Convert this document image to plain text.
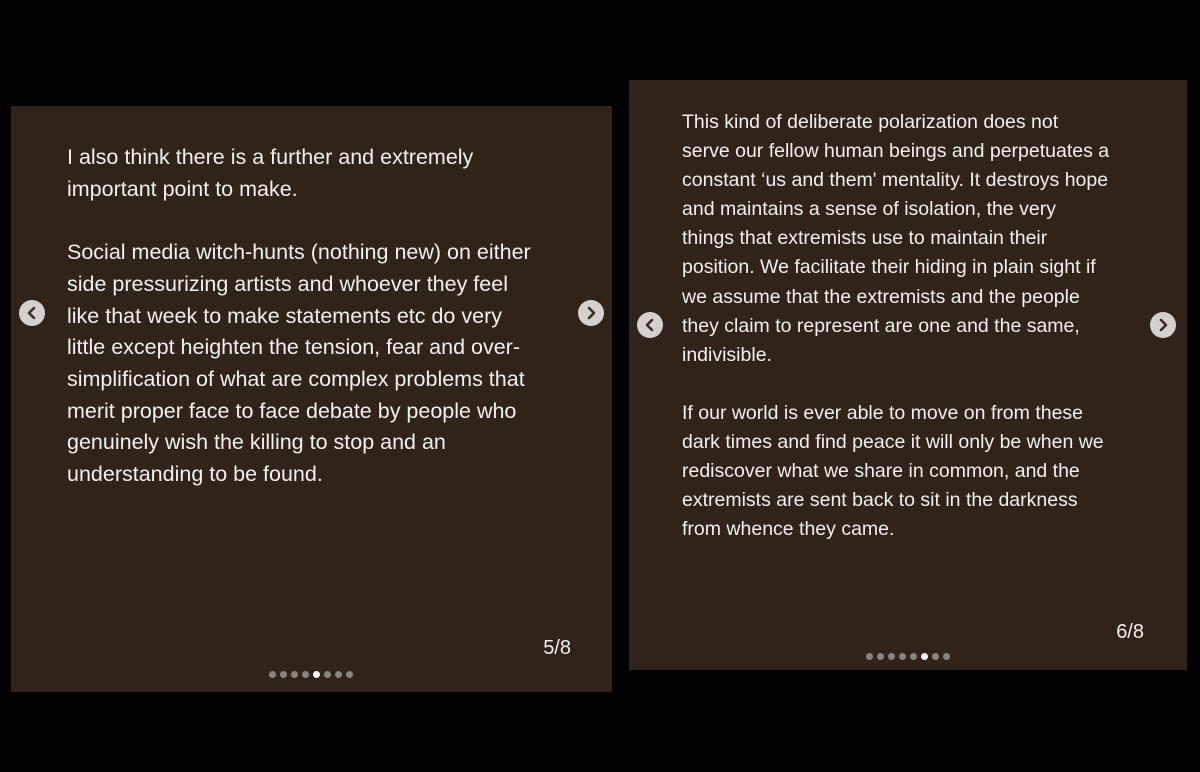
I also think there is a further and extremely
important point to make.

Social media witch-hunts (nothing new) on either
side pressurizing artists and whoever they feel
like that week to make statements etc do very
little except heighten the tension, fear and over-
simplification of what are complex problems that
merit proper face to face debate by people who
genuinely wish the killing to stop and an
understanding to be found.

5/8

This kind of deliberate polarization does not
serve our fellow human beings and perpetuates a
constant ‘us and them' mentality. It destroys hope
and maintains a sense of isolation, the very
things that extremists use to maintain their
position. We facilitate their hiding in plain sight if
we assume that the extremists and the people
they claim to represent are one and the same,
indivisible.

If our world is ever able to move on from these
dark times and find peace it will only be when we
rediscover what we share in common, and the
extremists are sent back to sit in the darkness
from whence they came.

6/8
